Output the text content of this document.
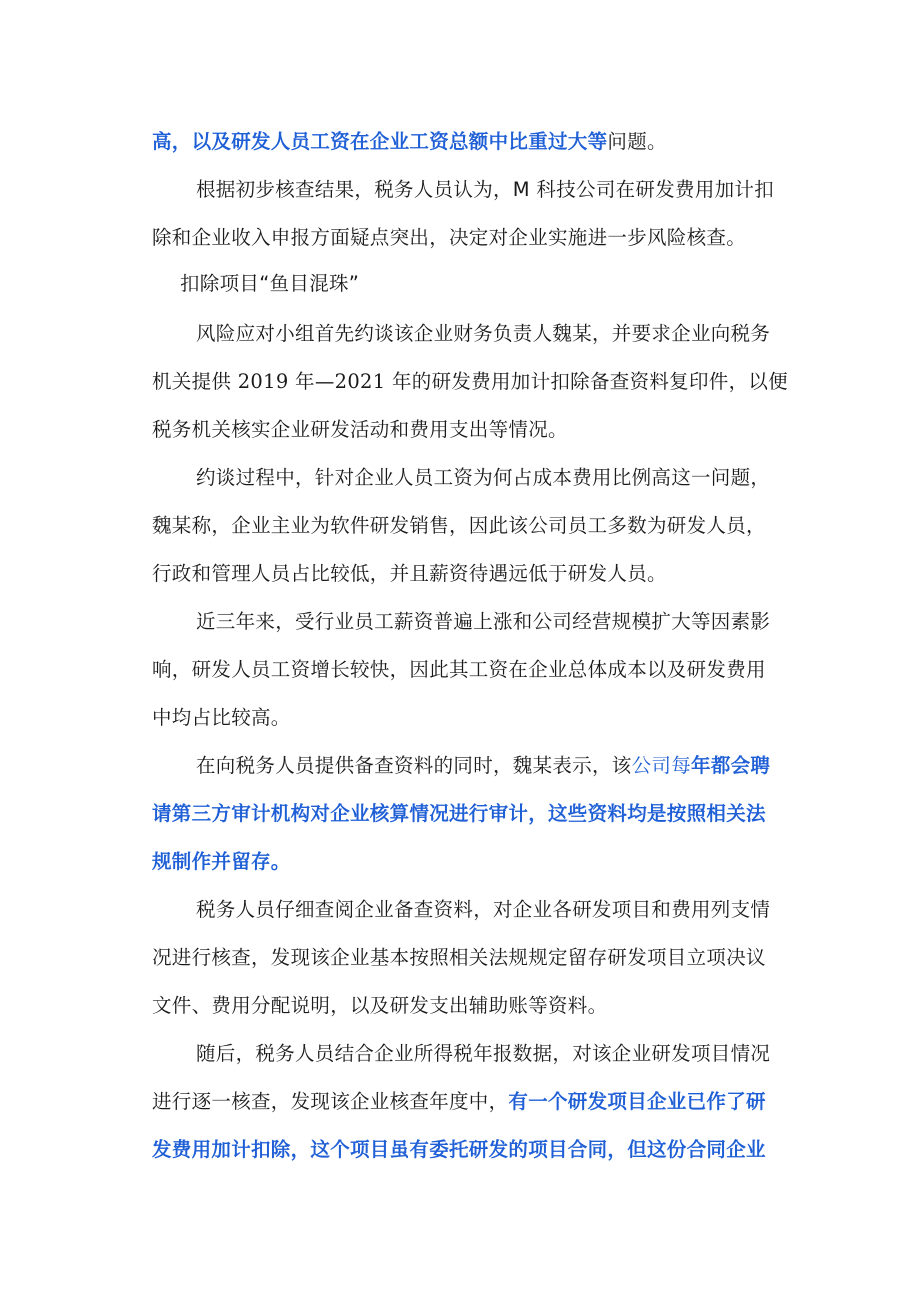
高，以及研发人员工资在企业工资总额中比重过大等问题。
根据初步核查结果，税务人员认为，M 科技公司在研发费用加计扣
除和企业收入申报方面疑点突出，决定对企业实施进一步风险核查。
扣除项目“鱼目混珠”
风险应对小组首先约谈该企业财务负责人魏某，并要求企业向税务
机关提供 2019 年—2021 年的研发费用加计扣除备查资料复印件，以便
税务机关核实企业研发活动和费用支出等情况。
约谈过程中，针对企业人员工资为何占成本费用比例高这一问题，
魏某称，企业主业为软件研发销售，因此该公司员工多数为研发人员，
行政和管理人员占比较低，并且薪资待遇远低于研发人员。
近三年来，受行业员工薪资普遍上涨和公司经营规模扩大等因素影
响，研发人员工资增长较快，因此其工资在企业总体成本以及研发费用
中均占比较高。
在向税务人员提供备查资料的同时，魏某表示，该公司每年都会聘
请第三方审计机构对企业核算情况进行审计，这些资料均是按照相关法
规制作并留存。
税务人员仔细查阅企业备查资料，对企业各研发项目和费用列支情
况进行核查，发现该企业基本按照相关法规规定留存研发项目立项决议
文件、费用分配说明，以及研发支出辅助账等资料。
随后，税务人员结合企业所得税年报数据，对该企业研发项目情况
进行逐一核查，发现该企业核查年度中，有一个研发项目企业已作了研
发费用加计扣除，这个项目虽有委托研发的项目合同，但这份合同企业
